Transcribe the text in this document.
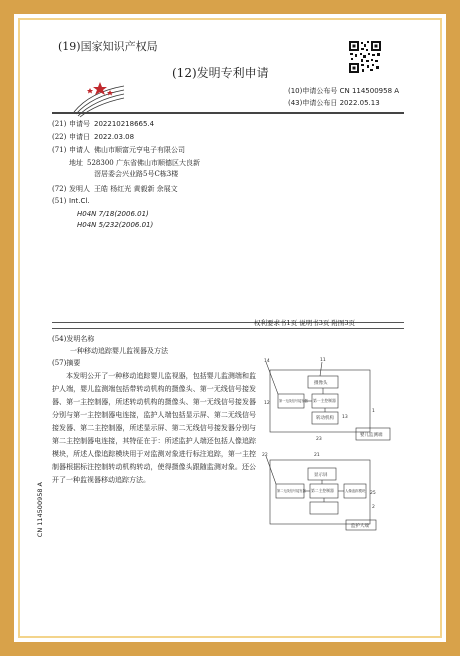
(19)国家知识产权局
(12)发明专利申请
(10)申请公布号 CN 114500958 A
(43)申请公布日 2022.05.13
(21) 申请号 202210218665.4
(22) 申请日 2022.03.08
(71) 申请人 佛山市顺富元亨电子有限公司
地址 528300 广东省佛山市顺德区大良新
滘居委会兴业路5号C栋3楼
(72) 发明人 王皓 杨红光 黄毅新 余展文
(51) Int.Cl.
H04N 7/18(2006.01)
H04N 5/232(2006.01)
权利要求书1页 说明书3页 附图3页
(54)发明名称
一种移动追踪婴儿监视器及方法
(57)摘要
本发明公开了一种移动追踪婴儿监视器，包括婴儿监测端和监护人端，婴儿监测端包括带转动机构的摄像头、第一无线信号接发器、第一主控制器，所述转动机构的摄像头、第一无线信号接发器分别与第一主控制器电连接，监护人端包括显示屏、第二无线信号接发器、第二主控制器，所述显示屏、第二无线信号接发器分别与第二主控制器电连接，其特征在于：所述监护人端还包括人像追踪模块，所述人像追踪模块用于对监测对象进行标注追踪，第一主控制器根据标注控制转动机构转动，使得摄像头跟随监测对象。还公开了一种监视器移动追踪方法。
14	11
12
13
1
23
摄像头
第一无线信号接发器 第一主控制器
转动机构
婴儿监测端
22
2
21
25
显示屏
第二无线信号接发器 第二主控制器	人像追踪模块
监护人端
CN 114500958 A
